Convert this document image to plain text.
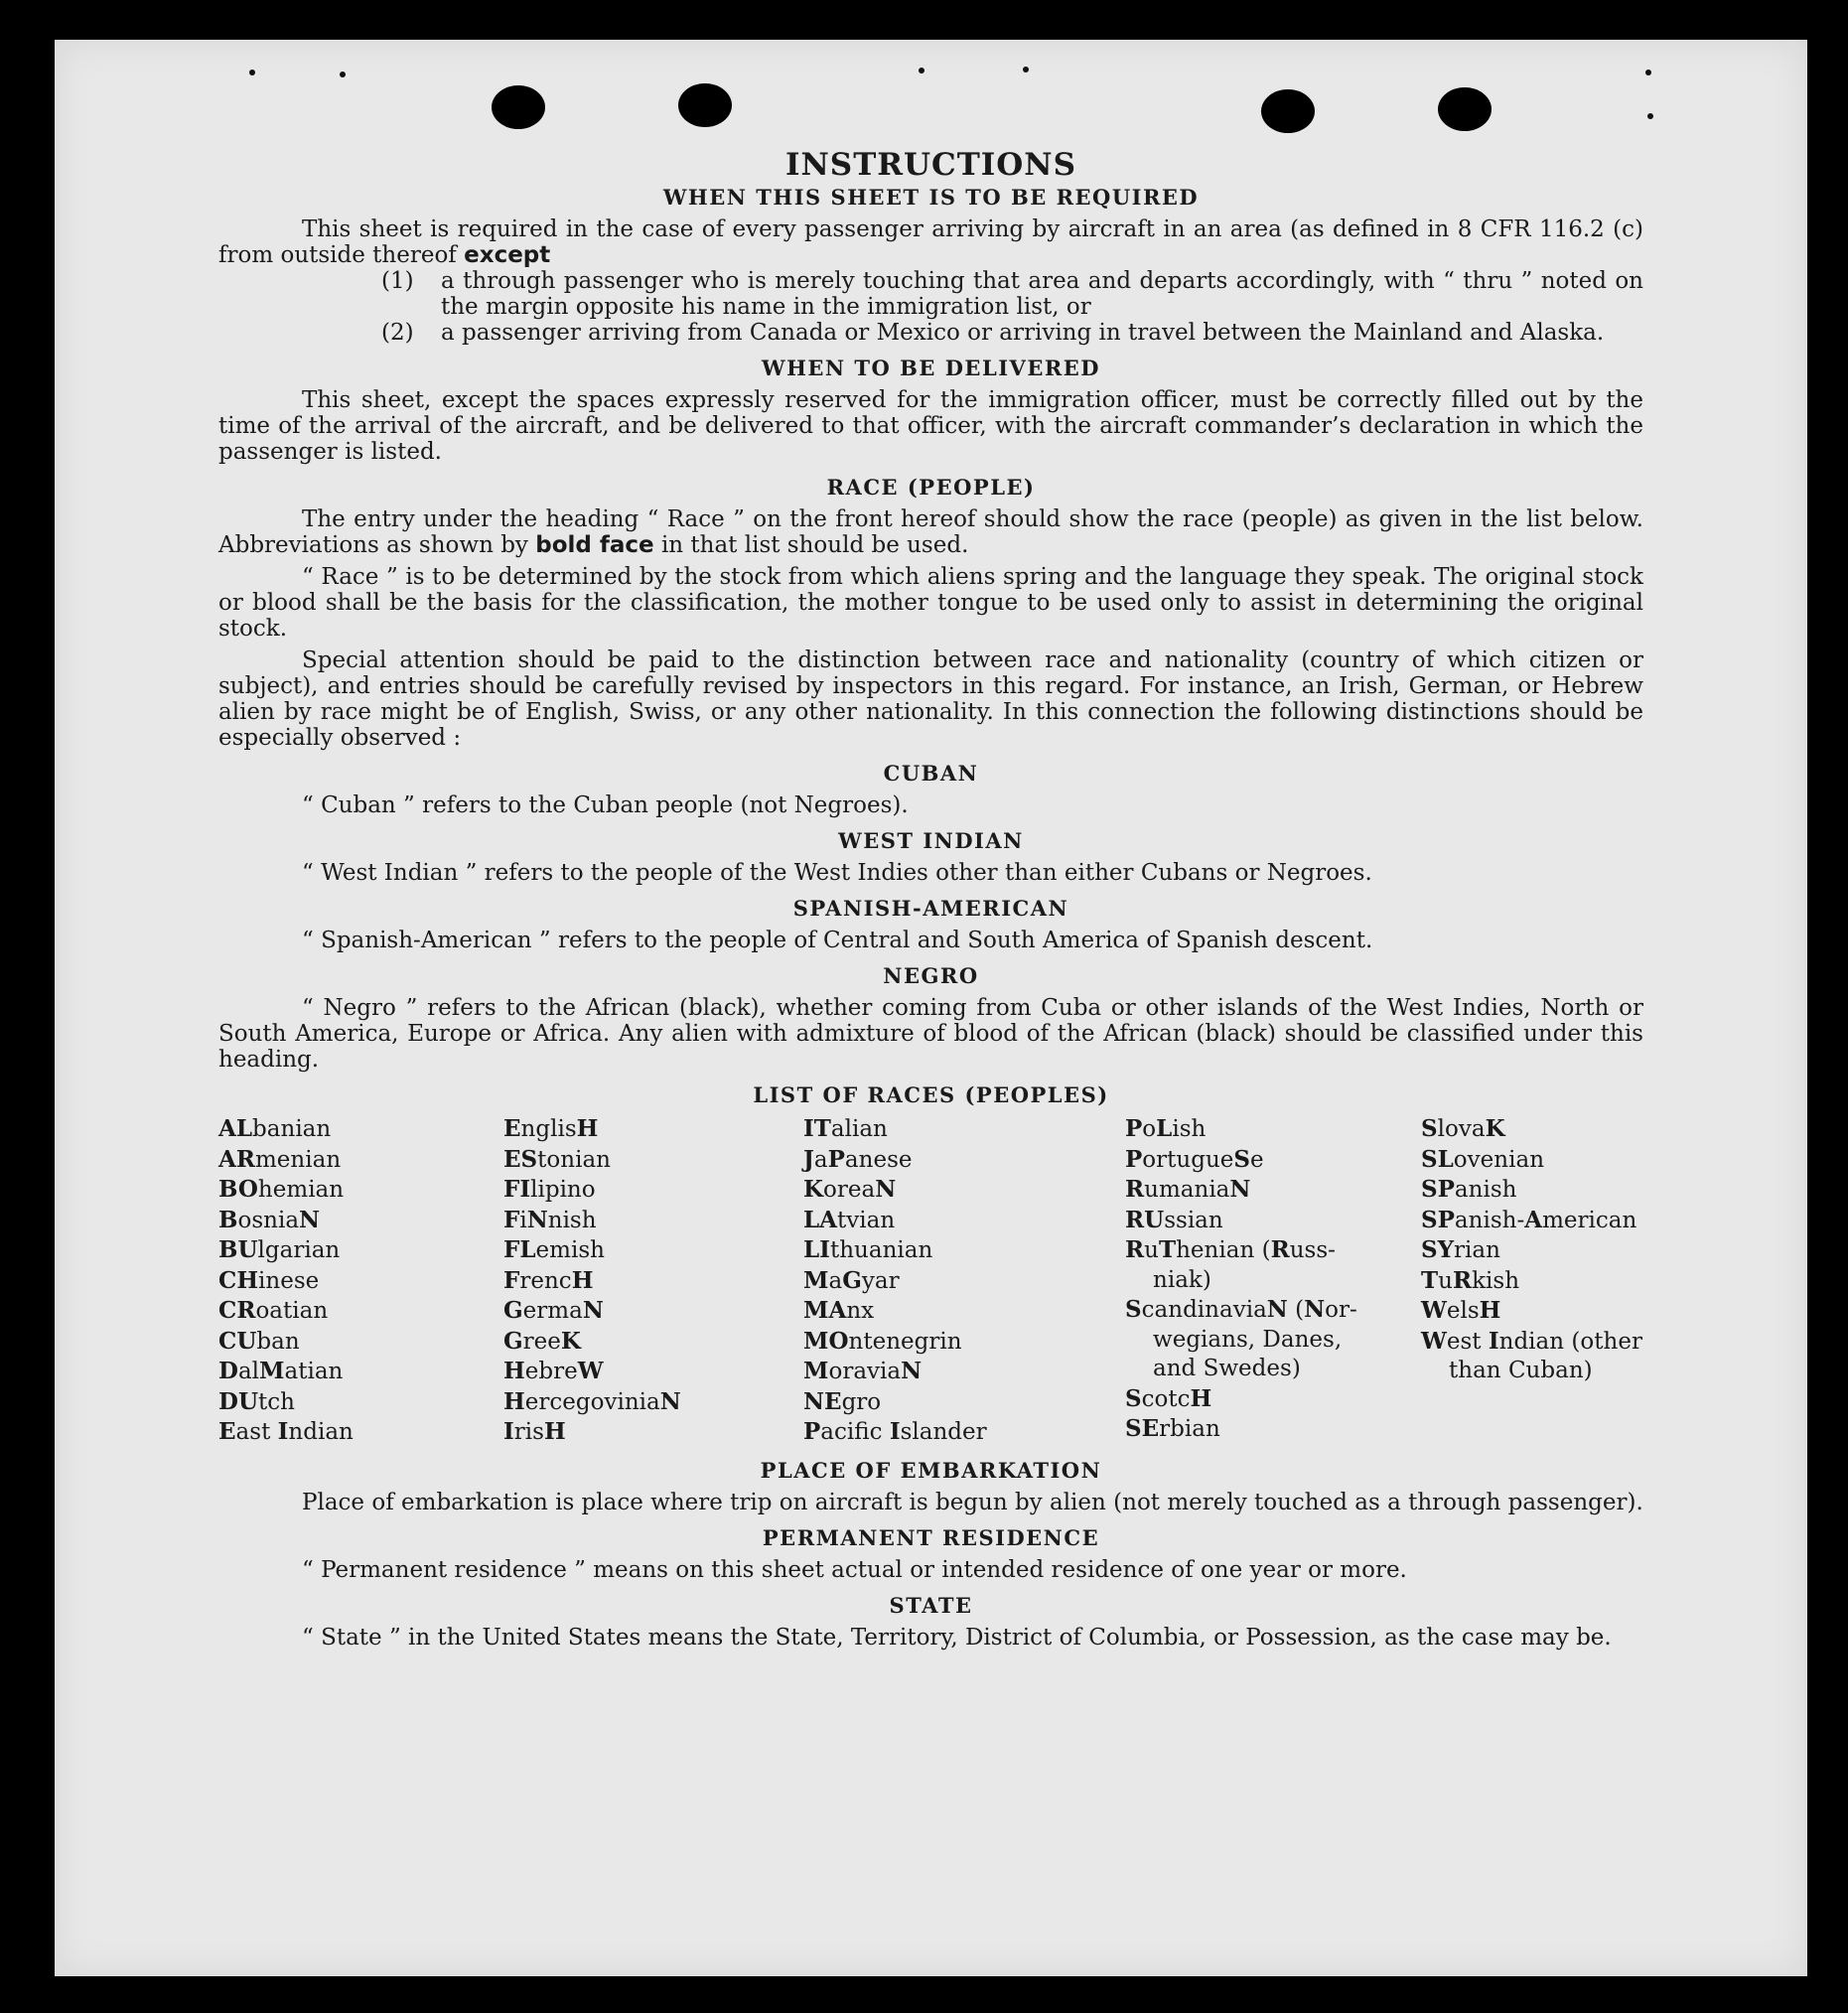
INSTRUCTIONS
WHEN THIS SHEET IS TO BE REQUIRED

This sheet is required in the case of every passenger arriving by aircraft in an area (as defined in 8 CFR 116.2 (c) from outside thereof except

(1)	a through passenger who is merely touching that area and departs accordingly, with “ thru ” noted on the margin opposite his name in the immigration list, or
(2)	a passenger arriving from Canada or Mexico or arriving in travel between the Mainland and Alaska.
WHEN TO BE DELIVERED

This sheet, except the spaces expressly reserved for the immigration officer, must be correctly filled out by the time of the arrival of the aircraft, and be delivered to that officer, with the aircraft commander’s declaration in which the passenger is listed.

RACE (PEOPLE)

The entry under the heading “ Race ” on the front hereof should show the race (people) as given in the list below. Abbreviations as shown by bold face in that list should be used.

“ Race ” is to be determined by the stock from which aliens spring and the language they speak. The original stock or blood shall be the basis for the classification, the mother tongue to be used only to assist in determining the original stock.

Special attention should be paid to the distinction between race and nationality (country of which citizen or subject), and entries should be carefully revised by inspectors in this regard. For instance, an Irish, German, or Hebrew alien by race might be of English, Swiss, or any other nationality. In this connection the following distinctions should be especially observed :

CUBAN

“ Cuban ” refers to the Cuban people (not Negroes).

WEST INDIAN

“ West Indian ” refers to the people of the West Indies other than either Cubans or Negroes.

SPANISH-AMERICAN

“ Spanish-American ” refers to the people of Central and South America of Spanish descent.

NEGRO

“ Negro ” refers to the African (black), whether coming from Cuba or other islands of the West Indies, North or South America, Europe or Africa. Any alien with admixture of blood of the African (black) should be classified under this heading.

LIST OF RACES (PEOPLES)
ALbanian
ARmenian
BOhemian
BosniaN
BUlgarian
CHinese
CRoatian
CUban
DalMatian
DUtch
East Indian
EnglisH
EStonian
FIlipino
FiNnish
FLemish
FrencH
GermaN
GreeK
HebreW
HercegoviniaN
IrisH
ITalian
JaPanese
KoreaN
LAtvian
LIthuanian
MaGyar
MAnx
MOntenegrin
MoraviaN
NEgro
Pacifc Islander
PoLish
PortugueSe
RumaniaN
RUssian
RuThenian (Russ-
niak)
ScandinaviaN (Nor-
wegians, Danes,
and Swedes)
ScotcH
SErbian
SlovaK
SLovenian
SPanish
SPanish-American
SYrian
TuRkish
WelsH
West Indian (other
than Cuban)
PLACE OF EMBARKATION

Place of embarkation is place where trip on aircraft is begun by alien (not merely touched as a through passenger).

PERMANENT RESIDENCE

“ Permanent residence ” means on this sheet actual or intended residence of one year or more.

STATE

“ State ” in the United States means the State, Territory, District of Columbia, or Possession, as the case may be.
